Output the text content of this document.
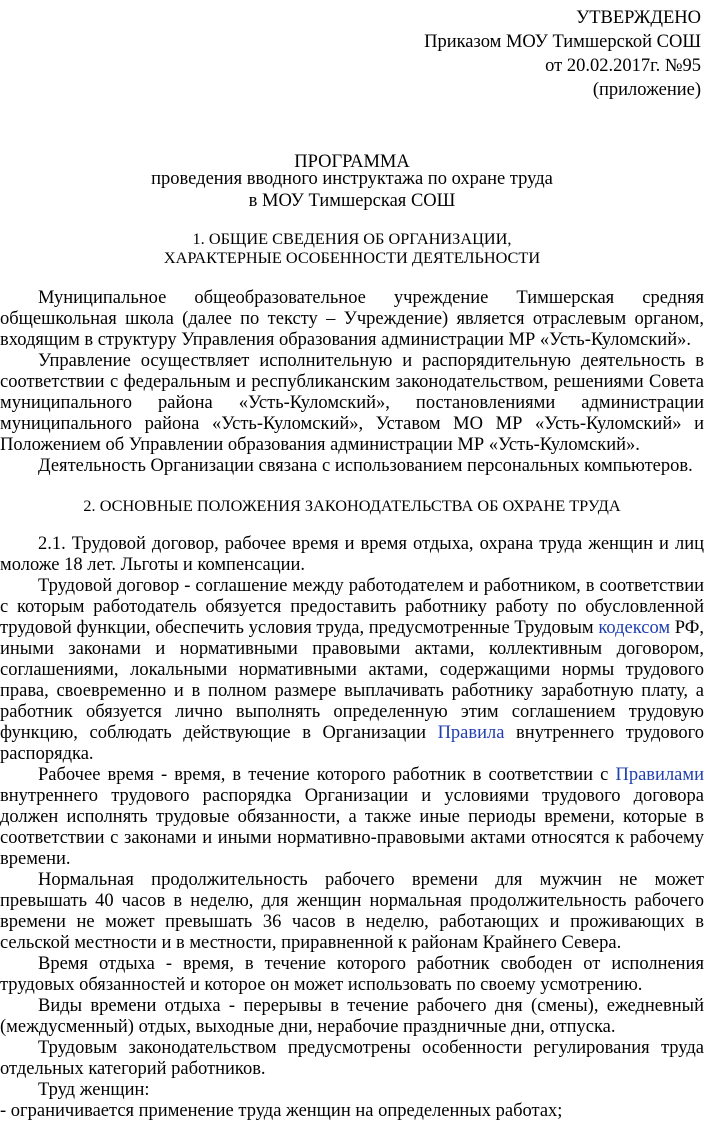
УТВЕРЖДЕНО
Приказом МОУ Тимшерской СОШ
от 20.02.2017г. №95
(приложение)
ПРОГРАММА
проведения вводного инструктажа по охране труда
в МОУ Тимшерская СОШ
1. ОБЩИЕ СВЕДЕНИЯ ОБ ОРГАНИЗАЦИИ,
ХАРАКТЕРНЫЕ ОСОБЕННОСТИ ДЕЯТЕЛЬНОСТИ

Муниципальное общеобразовательное учреждение Тимшерская средняя общешкольная школа (далее по тексту – Учреждение) является отраслевым органом, входящим в структуру Управления образования администрации МР «Усть-Куломский».

Управление осуществляет исполнительную и распорядительную деятельность в соответствии с федеральным и республиканским законодательством, решениями Совета муниципального района «Усть-Куломский», постановлениями администрации муниципального района «Усть-Куломский», Уставом МО МР «Усть-Куломский» и Положением об Управлении образования администрации МР «Усть-Куломский».

Деятельность Организации связана с использованием персональных компьютеров.

2. ОСНОВНЫЕ ПОЛОЖЕНИЯ ЗАКОНОДАТЕЛЬСТВА ОБ ОХРАНЕ ТРУДА

2.1. Трудовой договор, рабочее время и время отдыха, охрана труда женщин и лиц моложе 18 лет. Льготы и компенсации.

Трудовой договор - соглашение между работодателем и работником, в соответствии с которым работодатель обязуется предоставить работнику работу по обусловленной трудовой функции, обеспечить условия труда, предусмотренные Трудовым кодексом РФ, иными законами и нормативными правовыми актами, коллективным договором, соглашениями, локальными нормативными актами, содержащими нормы трудового права, своевременно и в полном размере выплачивать работнику заработную плату, а работник обязуется лично выполнять определенную этим соглашением трудовую функцию, соблюдать действующие в Организации Правила внутреннего трудового распорядка.

Рабочее время - время, в течение которого работник в соответствии с Правилами внутреннего трудового распорядка Организации и условиями трудового договора должен исполнять трудовые обязанности, а также иные периоды времени, которые в соответствии с законами и иными нормативно-правовыми актами относятся к рабочему времени.

Нормальная продолжительность рабочего времени для мужчин не может превышать 40 часов в неделю, для женщин нормальная продолжительность рабочего времени не может превышать 36 часов в неделю, работающих и проживающих в сельской местности и в местности, приравненной к районам Крайнего Севера.

Время отдыха - время, в течение которого работник свободен от исполнения трудовых обязанностей и которое он может использовать по своему усмотрению.

Виды времени отдыха - перерывы в течение рабочего дня (смены), ежедневный (междусменный) отдых, выходные дни, нерабочие праздничные дни, отпуска.

Трудовым законодательством предусмотрены особенности регулирования труда отдельных категорий работников.

Труд женщин:

- ограничивается применение труда женщин на определенных работах;
